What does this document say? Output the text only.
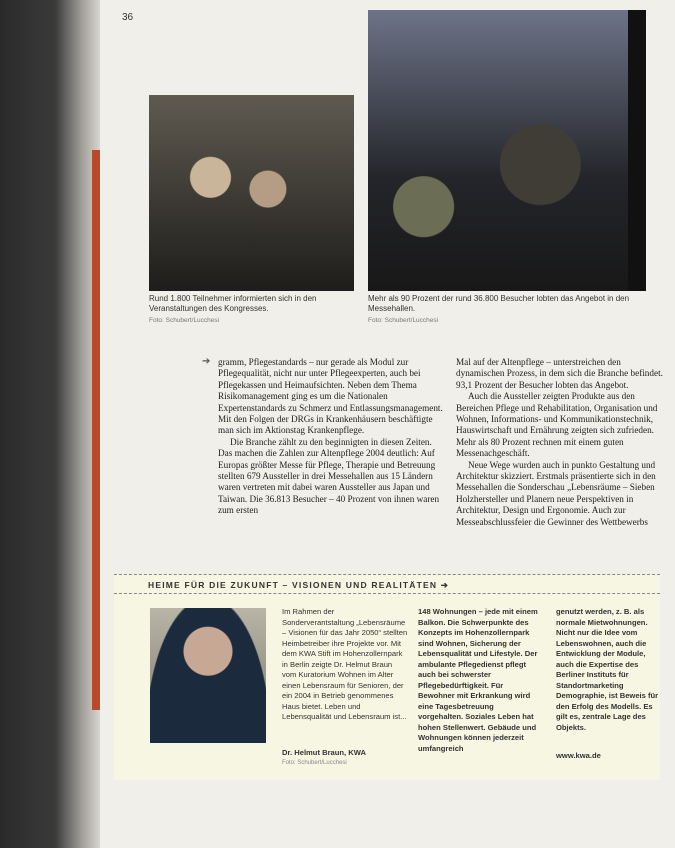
36
Rund 1.800 Teilnehmer informierten sich in den Veranstaltungen des Kongresses.
Foto: Schubert/Lucchesi
Mehr als 90 Prozent der rund 36.800 Besucher lobten das Angebot in den Messehallen.
Foto: Schubert/Lucchesi
➔ gramm, Pflegestandards – nur gerade als Modul zur Pflegequalität, nicht nur unter Pflegeexperten, auch bei Pflegekassen und Heimaufsichten. Neben dem Thema Risikomanagement ging es um die Nationalen Expertenstandards zu Schmerz und Entlassungsmanagement. Mit den Folgen der DRGs in Krankenhäusern beschäftigte man sich im Aktionstag Krankenpflege.

Die Branche zählt zu den beginnigten in diesen Zeiten. Das machen die Zahlen zur Altenpflege 2004 deutlich: Auf Europas größter Messe für Pflege, Therapie und Betreuung stellten 679 Aussteller in drei Messehallen aus 15 Ländern waren vertreten mit dabei waren Aussteller aus Japan und Taiwan. Die 36.813 Besucher – 40 Prozent von ihnen waren zum ersten

Mal auf der Altenpflege – unterstreichen den dynamischen Prozess, in dem sich die Branche befindet. 93,1 Prozent der Besucher lobten das Angebot.

Auch die Aussteller zeigten Produkte aus den Bereichen Pflege und Rehabilitation, Organisation und Wohnen, Informations- und Kommunikationstechnik, Hauswirtschaft und Ernährung zeigten sich zufrieden. Mehr als 80 Prozent rechnen mit einem guten Messenachgeschäft.

Neue Wege wurden auch in punkto Gestaltung und Architektur skizziert. Erstmals präsentierte sich in den Messehallen die Sonderschau „Lebensräume – Sieben Holzhersteller und Planern neue Perspektiven in Architektur, Design und Ergonomie. Auch zur Messeabschlussfeier die Gewinner des Wettbewerbs

HEIME FÜR DIE ZUKUNFT – VISIONEN UND REALITÄTEN ➔
Im Rahmen der Sonderverantstaltung „Lebensräume – Visionen für das Jahr 2050“ stellten Heimbetreiber ihre Projekte vor. Mit dem KWA Stift im Hohenzollernpark in Berlin zeigte Dr. Helmut Braun vom Kuratorium Wohnen im Alter einen Lebensraum für Senioren, der ein 2004 in Betrieb genommenes Haus bietet. Leben und Lebensqualität und Lebensraum ist...
148 Wohnungen – jede mit einem Balkon. Die Schwerpunkte des Konzepts im Hohenzollernpark sind Wohnen, Sicherung der Lebensqualität und Lifestyle. Der ambulante Pflegedienst pflegt auch bei schwerster Pflegebedürftigkeit. Für Bewohner mit Erkrankung wird eine Tagesbetreuung vorgehalten. Soziales Leben hat hohen Stellenwert. Gebäude und Wohnungen können jederzeit umfangreich
genutzt werden, z. B. als normale Mietwohnungen. Nicht nur die Idee vom Lebenswohnen, auch die Entwicklung der Module, auch die Expertise des Berliner Instituts für Standortmarketing Demographie, ist Beweis für den Erfolg des Modells. Es gilt es, zentrale Lage des Objekts.
Dr. Helmut Braun, KWA
Foto: Schubert/Lucchesi
www.kwa.de
